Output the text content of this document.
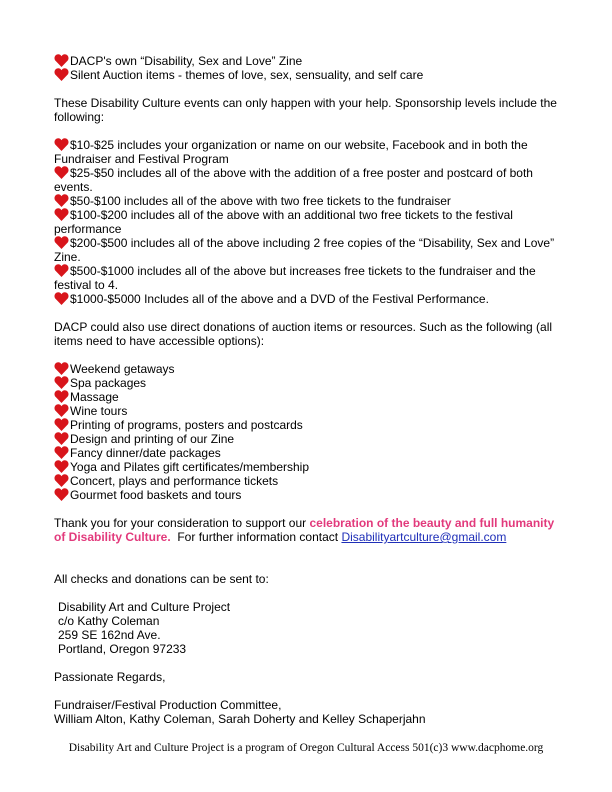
DACP's own “Disability, Sex and Love” Zine
Silent Auction items - themes of love, sex, sensuality, and self care
These Disability Culture events can only happen with your help. Sponsorship levels include the following:
$10-$25 includes your organization or name on our website, Facebook and in both the
Fundraiser and Festival Program
$25-$50 includes all of the above with the addition of a free poster and postcard of both
events.
$50-$100 includes all of the above with two free tickets to the fundraiser
$100-$200 includes all of the above with an additional two free tickets to the festival
performance
$200-$500 includes all of the above including 2 free copies of the “Disability, Sex and Love”
Zine.
$500-$1000 includes all of the above but increases free tickets to the fundraiser and the
festival to 4.
$1000-$5000 Includes all of the above and a DVD of the Festival Performance.
DACP could also use direct donations of auction items or resources. Such as the following (all items need to have accessible options):
Weekend getaways
Spa packages
Massage
Wine tours
Printing of programs, posters and postcards
Design and printing of our Zine
Fancy dinner/date packages
Yoga and Pilates gift certificates/membership
Concert, plays and performance tickets
Gourmet food baskets and tours
Thank you for your consideration to support our celebration of the beauty and full humanity of Disability Culture.  For further information contact Disabilityartculture@gmail.com
All checks and donations can be sent to:
Disability Art and Culture Project
c/o Kathy Coleman
259 SE 162nd Ave.
Portland, Oregon 97233
Passionate Regards,
Fundraiser/Festival Production Committee,
William Alton, Kathy Coleman, Sarah Doherty and Kelley Schaperjahn
Disability Art and Culture Project is a program of Oregon Cultural Access 501(c)3 www.dacphome.org
